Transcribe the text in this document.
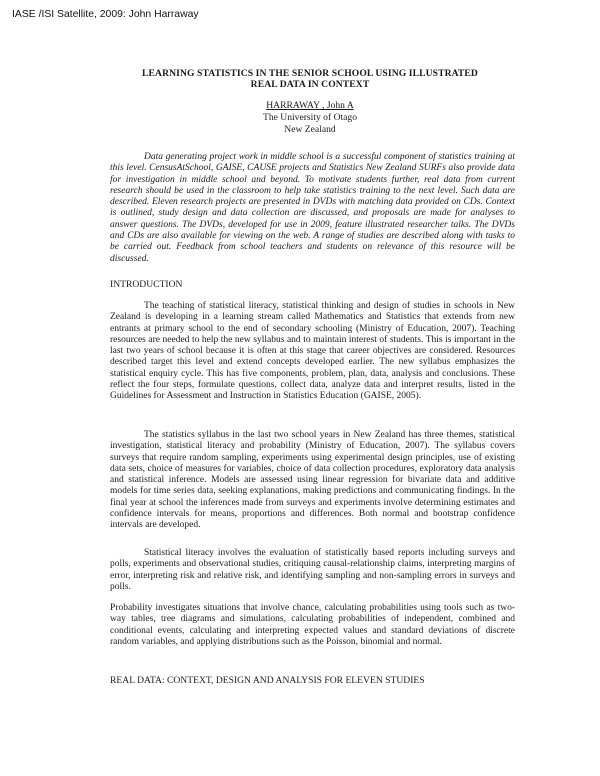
IASE /ISI Satellite, 2009: John Harraway
LEARNING STATISTICS IN THE SENIOR SCHOOL USING ILLUSTRATED
REAL DATA IN CONTEXT
HARRAWAY , John A
The University of Otago
New Zealand

Data generating project work in middle school is a successful component of statistics training at this level. CensusAtSchool, GAISE, CAUSE projects and Statistics New Zealand SURFs also provide data for investigation in middle school and beyond. To motivate students further, real data from current research should be used in the classroom to help take statistics training to the next level. Such data are described. Eleven research projects are presented in DVDs with matching data provided on CDs. Context is outlined, study design and data collection are discussed, and proposals are made for analyses to answer questions. The DVDs, developed for use in 2009, feature illustrated researcher talks. The DVDs and CDs are also available for viewing on the web. A range of studies are described along with tasks to be carried out. Feedback from school teachers and students on relevance of this resource will be discussed.

INTRODUCTION

The teaching of statistical literacy, statistical thinking and design of studies in schools in New Zealand is developing in a learning stream called Mathematics and Statistics that extends from new entrants at primary school to the end of secondary schooling (Ministry of Education, 2007). Teaching resources are needed to help the new syllabus and to maintain interest of students. This is important in the last two years of school because it is often at this stage that career objectives are considered. Resources described target this level and extend concepts developed earlier. The new syllabus emphasizes the statistical enquiry cycle. This has five components, problem, plan, data, analysis and conclusions. These reflect the four steps, formulate questions, collect data, analyze data and interpret results, listed in the Guidelines for Assessment and Instruction in Statistics Education (GAISE, 2005).

The statistics syllabus in the last two school years in New Zealand has three themes, statistical investigation, statistical literacy and probability (Ministry of Education, 2007). The syllabus covers surveys that require random sampling, experiments using experimental design principles, use of existing data sets, choice of measures for variables, choice of data collection procedures, exploratory data analysis and statistical inference. Models are assessed using linear regression for bivariate data and additive models for time series data, seeking explanations, making predictions and communicating findings. In the final year at school the inferences made from surveys and experiments involve determining estimates and confidence intervals for means, proportions and differences. Both normal and bootstrap confidence intervals are developed.

Statistical literacy involves the evaluation of statistically based reports including surveys and polls, experiments and observational studies, critiquing causal-relationship claims, interpreting margins of error, interpreting risk and relative risk, and identifying sampling and non-sampling errors in surveys and polls.

Probability investigates situations that involve chance, calculating probabilities using tools such as two-way tables, tree diagrams and simulations, calculating probabilities of independent, combined and conditional events, calculating and interpreting expected values and standard deviations of discrete random variables, and applying distributions such as the Poisson, binomial and normal.

REAL DATA: CONTEXT, DESIGN AND ANALYSIS FOR ELEVEN STUDIES
